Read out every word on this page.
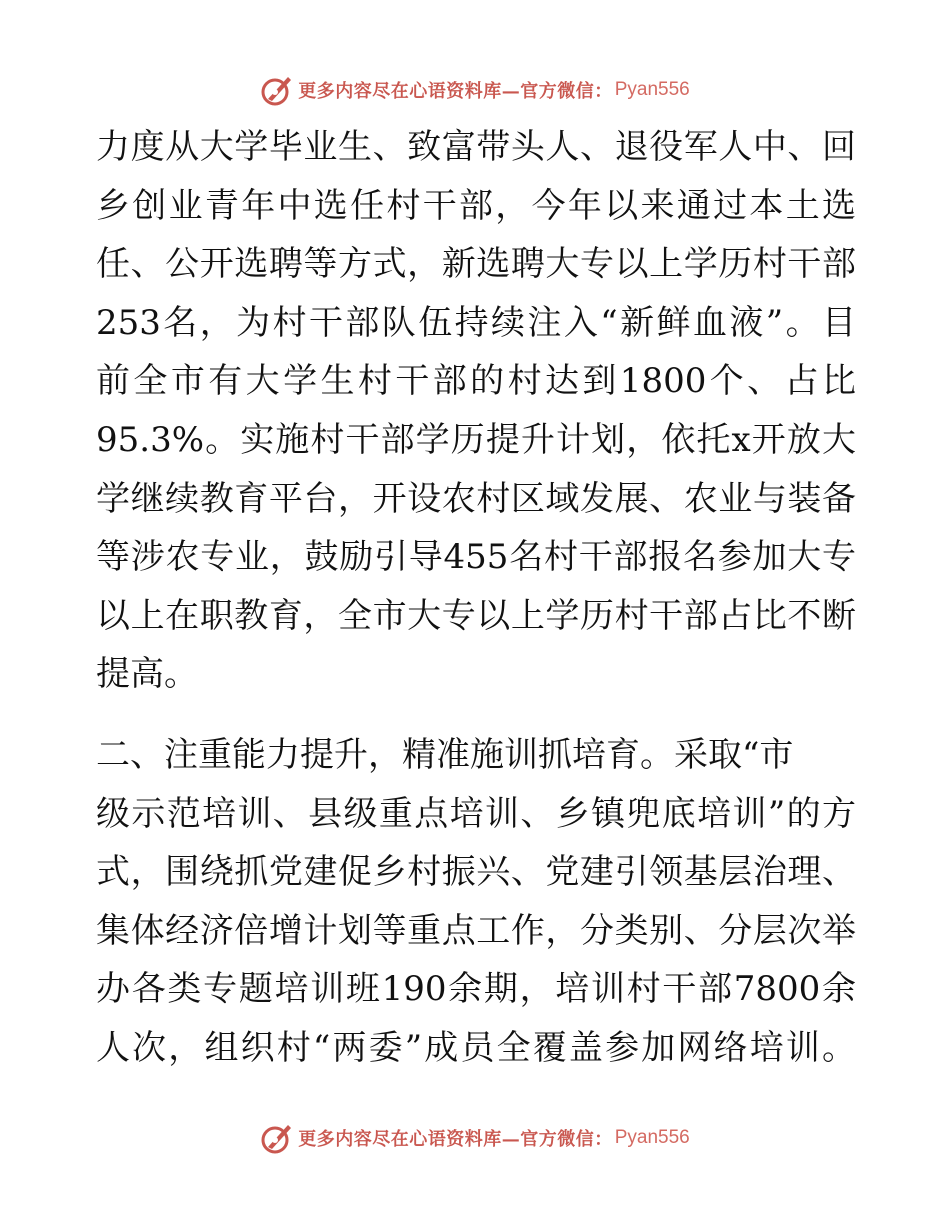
更多内容尽在心语资料库—官方微信： Pyan556
力度从大学毕业生、致富带头人、退役军人中、回
乡创业青年中选任村干部，今年以来通过本土选
任、公开选聘等方式，新选聘大专以上学历村干部
253名，为村干部队伍持续注入“新鲜血液”。目
前全市有大学生村干部的村达到1800个、占比
95.3%。实施村干部学历提升计划，依托x开放大
学继续教育平台，开设农村区域发展、农业与装备
等涉农专业，鼓励引导455名村干部报名参加大专
以上在职教育，全市大专以上学历村干部占比不断
提高。
二、注重能力提升，精准施训抓培育。采取“市
级示范培训、县级重点培训、乡镇兜底培训”的方
式，围绕抓党建促乡村振兴、党建引领基层治理、
集体经济倍增计划等重点工作，分类别、分层次举
办各类专题培训班190余期，培训村干部7800余
人次，组织村“两委”成员全覆盖参加网络培训。
更多内容尽在心语资料库—官方微信： Pyan556
